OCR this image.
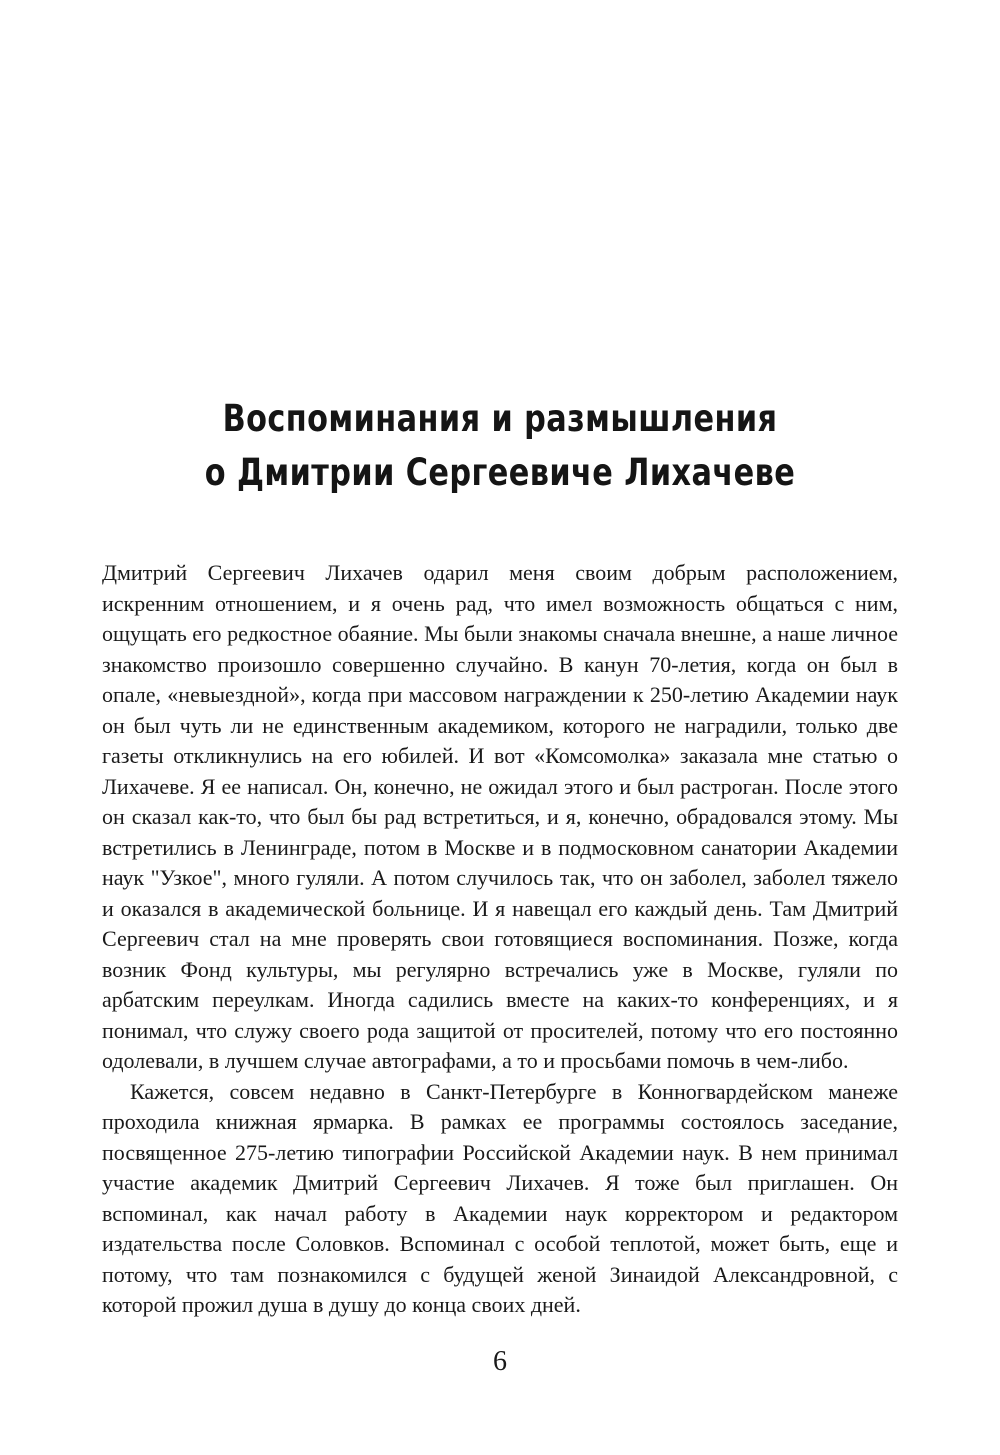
Воспоминания и размышления
о Дмитрии Сергеевиче Лихачеве

Дмитрий Сергеевич Лихачев одарил меня своим добрым расположением, искренним отношением, и я очень рад, что имел возможность общаться с ним, ощущать его редкостное обаяние. Мы были знакомы сначала внешне, а наше личное знакомство произошло совершенно случайно. В канун 70-летия, когда он был в опале, «невыездной», когда при массовом награждении к 250-летию Академии наук он был чуть ли не единственным академиком, которого не наградили, только две газеты откликнулись на его юбилей. И вот «Комсомолка» заказала мне статью о Лихачеве. Я ее написал. Он, конечно, не ожидал этого и был растроган. После этого он сказал как-то, что был бы рад встретиться, и я, конечно, обрадовался этому. Мы встретились в Ленинграде, потом в Москве и в подмосковном санатории Академии наук "Узкое", много гуляли. А потом случилось так, что он заболел, заболел тяжело и оказался в академической больнице. И я навещал его каждый день. Там Дмитрий Сергеевич стал на мне проверять свои готовящиеся воспоминания. Позже, когда возник Фонд культуры, мы регулярно встречались уже в Москве, гуляли по арбатским переулкам. Иногда садились вместе на каких-то конференциях, и я понимал, что служу своего рода защитой от просителей, потому что его постоянно одолевали, в лучшем случае автографами, а то и просьбами помочь в чем-либо.

Кажется, совсем недавно в Санкт-Петербурге в Конногвардейском манеже проходила книжная ярмарка. В рамках ее программы состоялось заседание, посвященное 275-летию типографии Российской Академии наук. В нем принимал участие академик Дмитрий Сергеевич Лихачев. Я тоже был приглашен. Он вспоминал, как начал работу в Академии наук корректором и редактором издательства после Соловков. Вспоминал с особой теплотой, может быть, еще и потому, что там познакомился с будущей женой Зинаидой Александровной, с которой прожил душа в душу до конца своих дней.

6
